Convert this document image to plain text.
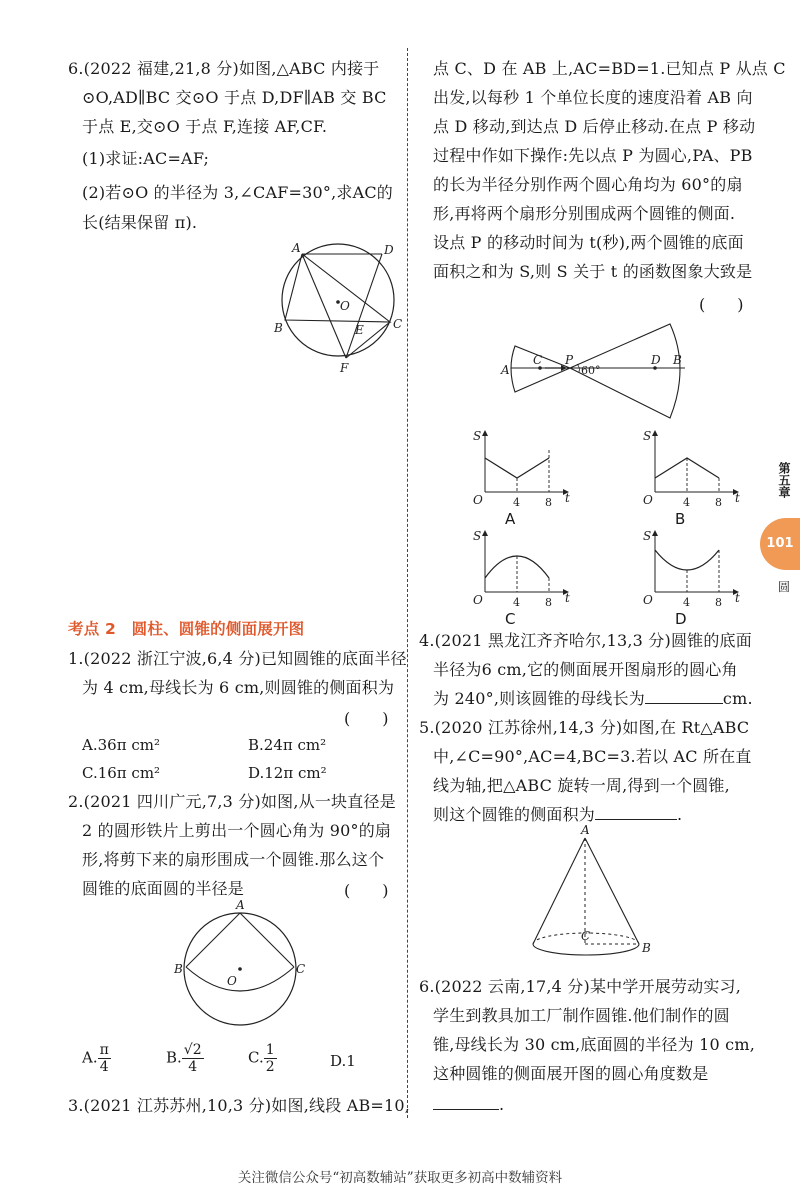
6.(2022 福建,21,8 分)如图,△ABC 内接于
⊙O,AD∥BC 交⊙O 于点 D,DF∥AB 交 BC
于点 E,交⊙O 于点 F,连接 AF,CF.
(1)求证:AC=AF;
(2)若⊙O 的半径为 3,∠CAF=30°,求AC的
长(结果保留 π).
A	D
O
B	E C
F
考点 2　圆柱、圆锥的侧面展开图
1.(2022 浙江宁波,6,4 分)已知圆锥的底面半径
为 4 cm,母线长为 6 cm,则圆锥的侧面积为
(　　)
A.36π cm²	B.24π cm²
C.16π cm²	D.12π cm²
2.(2021 四川广元,7,3 分)如图,从一块直径是
2 的圆形铁片上剪出一个圆心角为 90°的扇
形,将剪下来的扇形围成一个圆锥.那么这个
圆锥的底面圆的半径是	(　　)
A
B	C
O
A. $\frac{\pi}{4}$	B. $\frac{√2}{4}$	C. $\frac{1}{2}$	D.1
3.(2021 江苏苏州,10,3 分)如图,线段 AB=10,
点 C、D 在 AB 上,AC=BD=1.已知点 P 从点 C
出发,以每秒 1 个单位长度的速度沿着 AB 向
点 D 移动,到达点 D 后停止移动.在点 P 移动
过程中作如下操作:先以点 P 为圆心,PA、PB
的长为半径分别作两个圆心角均为 60°的扇
形,再将两个扇形分别围成两个圆锥的侧面.
设点 P 的移动时间为 t(秒),两个圆锥的底面
面积之和为 S,则 S 关于 t 的函数图象大致是
(　　)
A
C P
60°
D B
S
O	4 8 t
A
S
O	4 8 t
B
S
O	4 8 t
C
S
O	4 8 t
D
4.(2021 黑龙江齐齐哈尔,13,3 分)圆锥的底面
半径为6 cm,它的侧面展开图扇形的圆心角
为 240°,则该圆锥的母线长为	cm.
5.(2020 江苏徐州,14,3 分)如图,在 Rt△ABC
中,∠C=90°,AC=4,BC=3.若以 AC 所在直
线为轴,把△ABC 旋转一周,得到一个圆锥,
则这个圆锥的侧面积为	.
A
C
B
6.(2022 云南,17,4 分)某中学开展劳动实习,
学生到教具加工厂制作圆锥.他们制作的圆
锥,母线长为 30 cm,底面圆的半径为 10 cm,
这种圆锥的侧面展开图的圆心角度数是
.
第五章
101
圆
关注微信公众号“初高数辅站”获取更多初高中数辅资料
